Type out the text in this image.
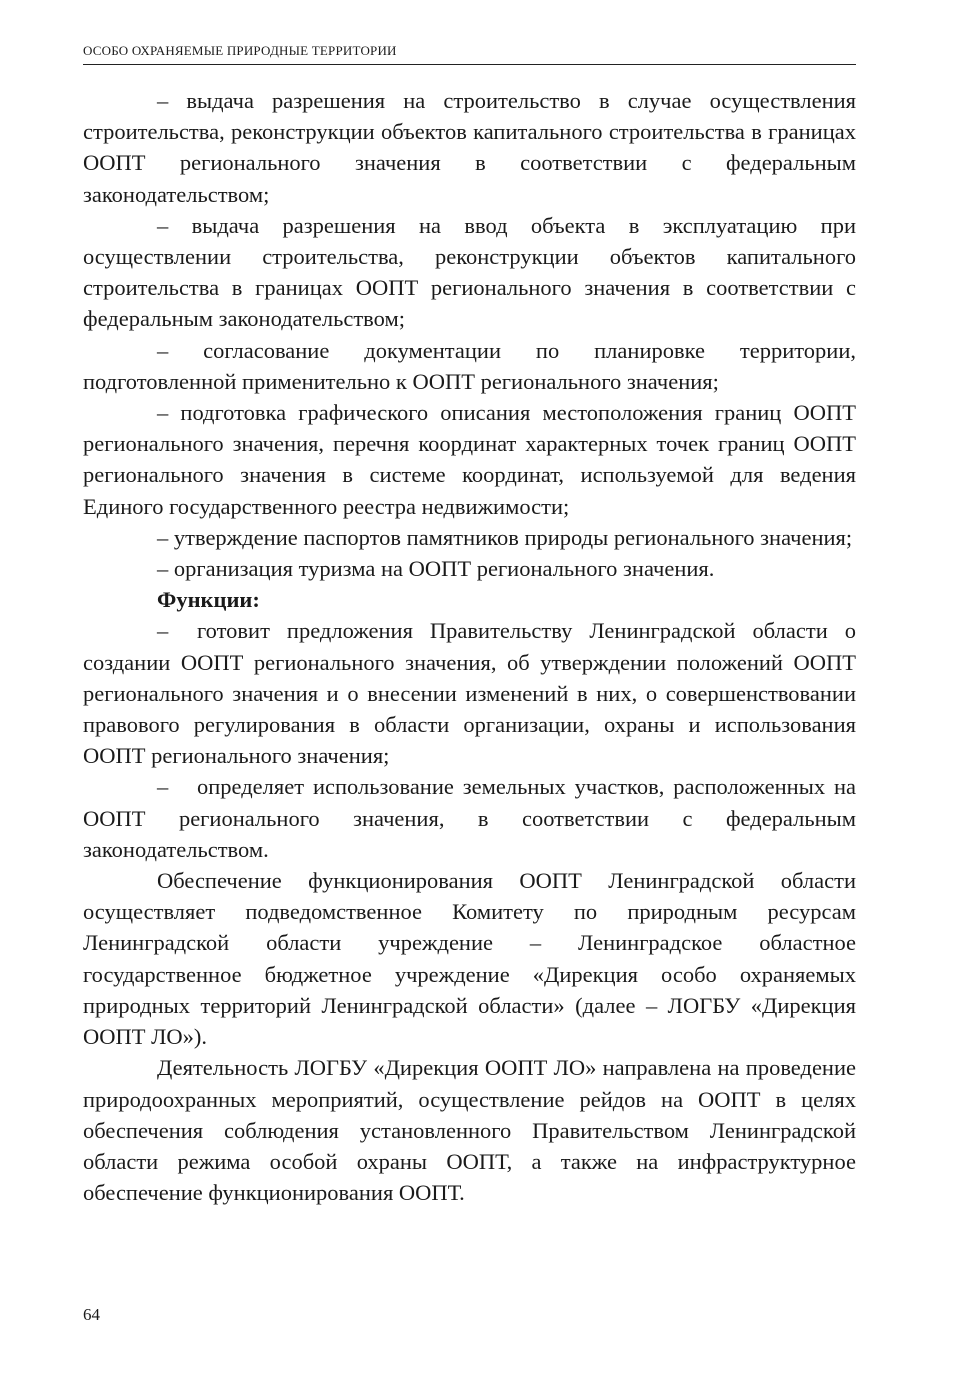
ОСОБО ОХРАНЯЕМЫЕ ПРИРОДНЫЕ ТЕРРИТОРИИ

– выдача разрешения на строительство в случае осуществления строительства, реконструкции объектов капитального строительства в границах ООПТ регионального значения в соответствии с федеральным законодательством;

– выдача разрешения на ввод объекта в эксплуатацию при осуществлении строительства, реконструкции объектов капитального строительства в границах ООПТ регионального значения в соответствии с федеральным законодательством;

– согласование документации по планировке территории, подготовленной применительно к ООПТ регионального значения;

– подготовка графического описания местоположения границ ООПТ регионального значения, перечня координат характерных точек границ ООПТ регионального значения в системе координат, используемой для ведения Единого государственного реестра недвижимости;

– утверждение паспортов памятников природы регионального значения;

– организация туризма на ООПТ регионального значения.

Функции:

– готовит предложения Правительству Ленинградской области о создании ООПТ регионального значения, об утверждении положений ООПТ регионального значения и о внесении изменений в них, о совершенствовании правового регулирования в области организации, охраны и использования ООПТ регионального значения;

– определяет использование земельных участков, расположенных на ООПТ регионального значения, в соответствии с федеральным законодательством.

Обеспечение функционирования ООПТ Ленинградской области осуществляет подведомственное Комитету по природным ресурсам Ленинградской области учреждение – Ленинградское областное государственное бюджетное учреждение «Дирекция особо охраняемых природных территорий Ленинградской области» (далее – ЛОГБУ «Дирекция ООПТ ЛО»).

Деятельность ЛОГБУ «Дирекция ООПТ ЛО» направлена на проведение природоохранных мероприятий, осуществление рейдов на ООПТ в целях обеспечения соблюдения установленного Правительством Ленинградской области режима особой охраны ООПТ, а также на инфраструктурное обеспечение функционирования ООПТ.

64
